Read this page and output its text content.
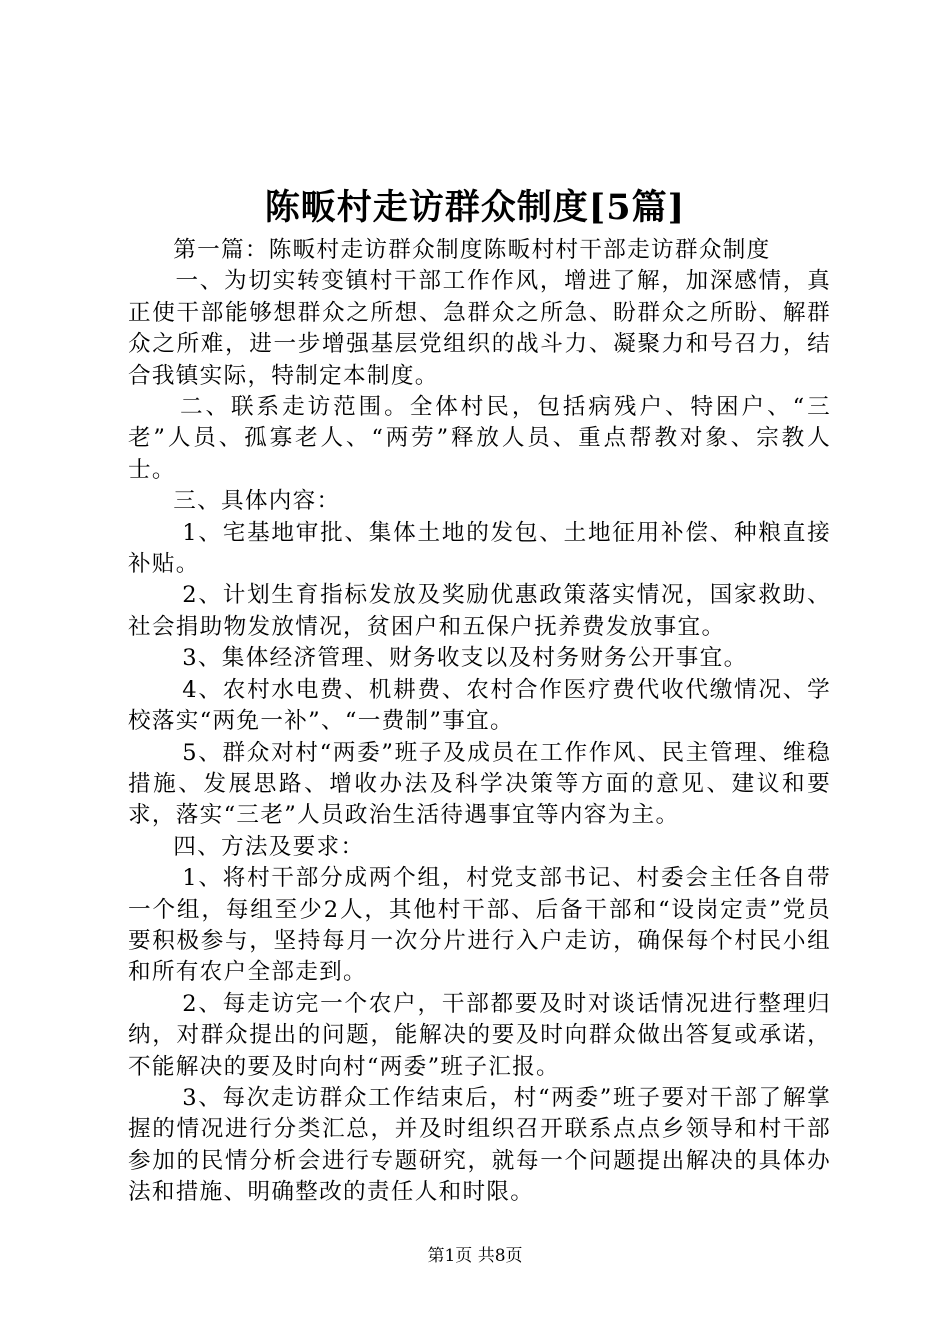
陈畈村走访群众制度[5篇]

第一篇：陈畈村走访群众制度陈畈村村干部走访群众制度

一、为切实转变镇村干部工作作风，增进了解，加深感情，真正使干部能够想群众之所想、急群众之所急、盼群众之所盼、解群众之所难，进一步增强基层党组织的战斗力、凝聚力和号召力，结合我镇实际，特制定本制度。

二、联系走访范围。全体村民，包括病残户、特困户、“三老”人员、孤寡老人、“两劳”释放人员、重点帮教对象、宗教人士。

三、具体内容：

1、宅基地审批、集体土地的发包、土地征用补偿、种粮直接补贴。

2、计划生育指标发放及奖励优惠政策落实情况，国家救助、社会捐助物发放情况，贫困户和五保户抚养费发放事宜。

3、集体经济管理、财务收支以及村务财务公开事宜。

4、农村水电费、机耕费、农村合作医疗费代收代缴情况、学校落实“两免一补”、“一费制”事宜。

5、群众对村“两委”班子及成员在工作作风、民主管理、维稳措施、发展思路、增收办法及科学决策等方面的意见、建议和要求，落实“三老”人员政治生活待遇事宜等内容为主。

四、方法及要求：

1、将村干部分成两个组，村党支部书记、村委会主任各自带一个组，每组至少2人，其他村干部、后备干部和“设岗定责”党员要积极参与，坚持每月一次分片进行入户走访，确保每个村民小组和所有农户全部走到。

2、每走访完一个农户，干部都要及时对谈话情况进行整理归纳，对群众提出的问题，能解决的要及时向群众做出答复或承诺，不能解决的要及时向村“两委”班子汇报。

3、每次走访群众工作结束后，村“两委”班子要对干部了解掌握的情况进行分类汇总，并及时组织召开联系点点乡领导和村干部参加的民情分析会进行专题研究，就每一个问题提出解决的具体办法和措施、明确整改的责任人和时限。

第1页 共8页
